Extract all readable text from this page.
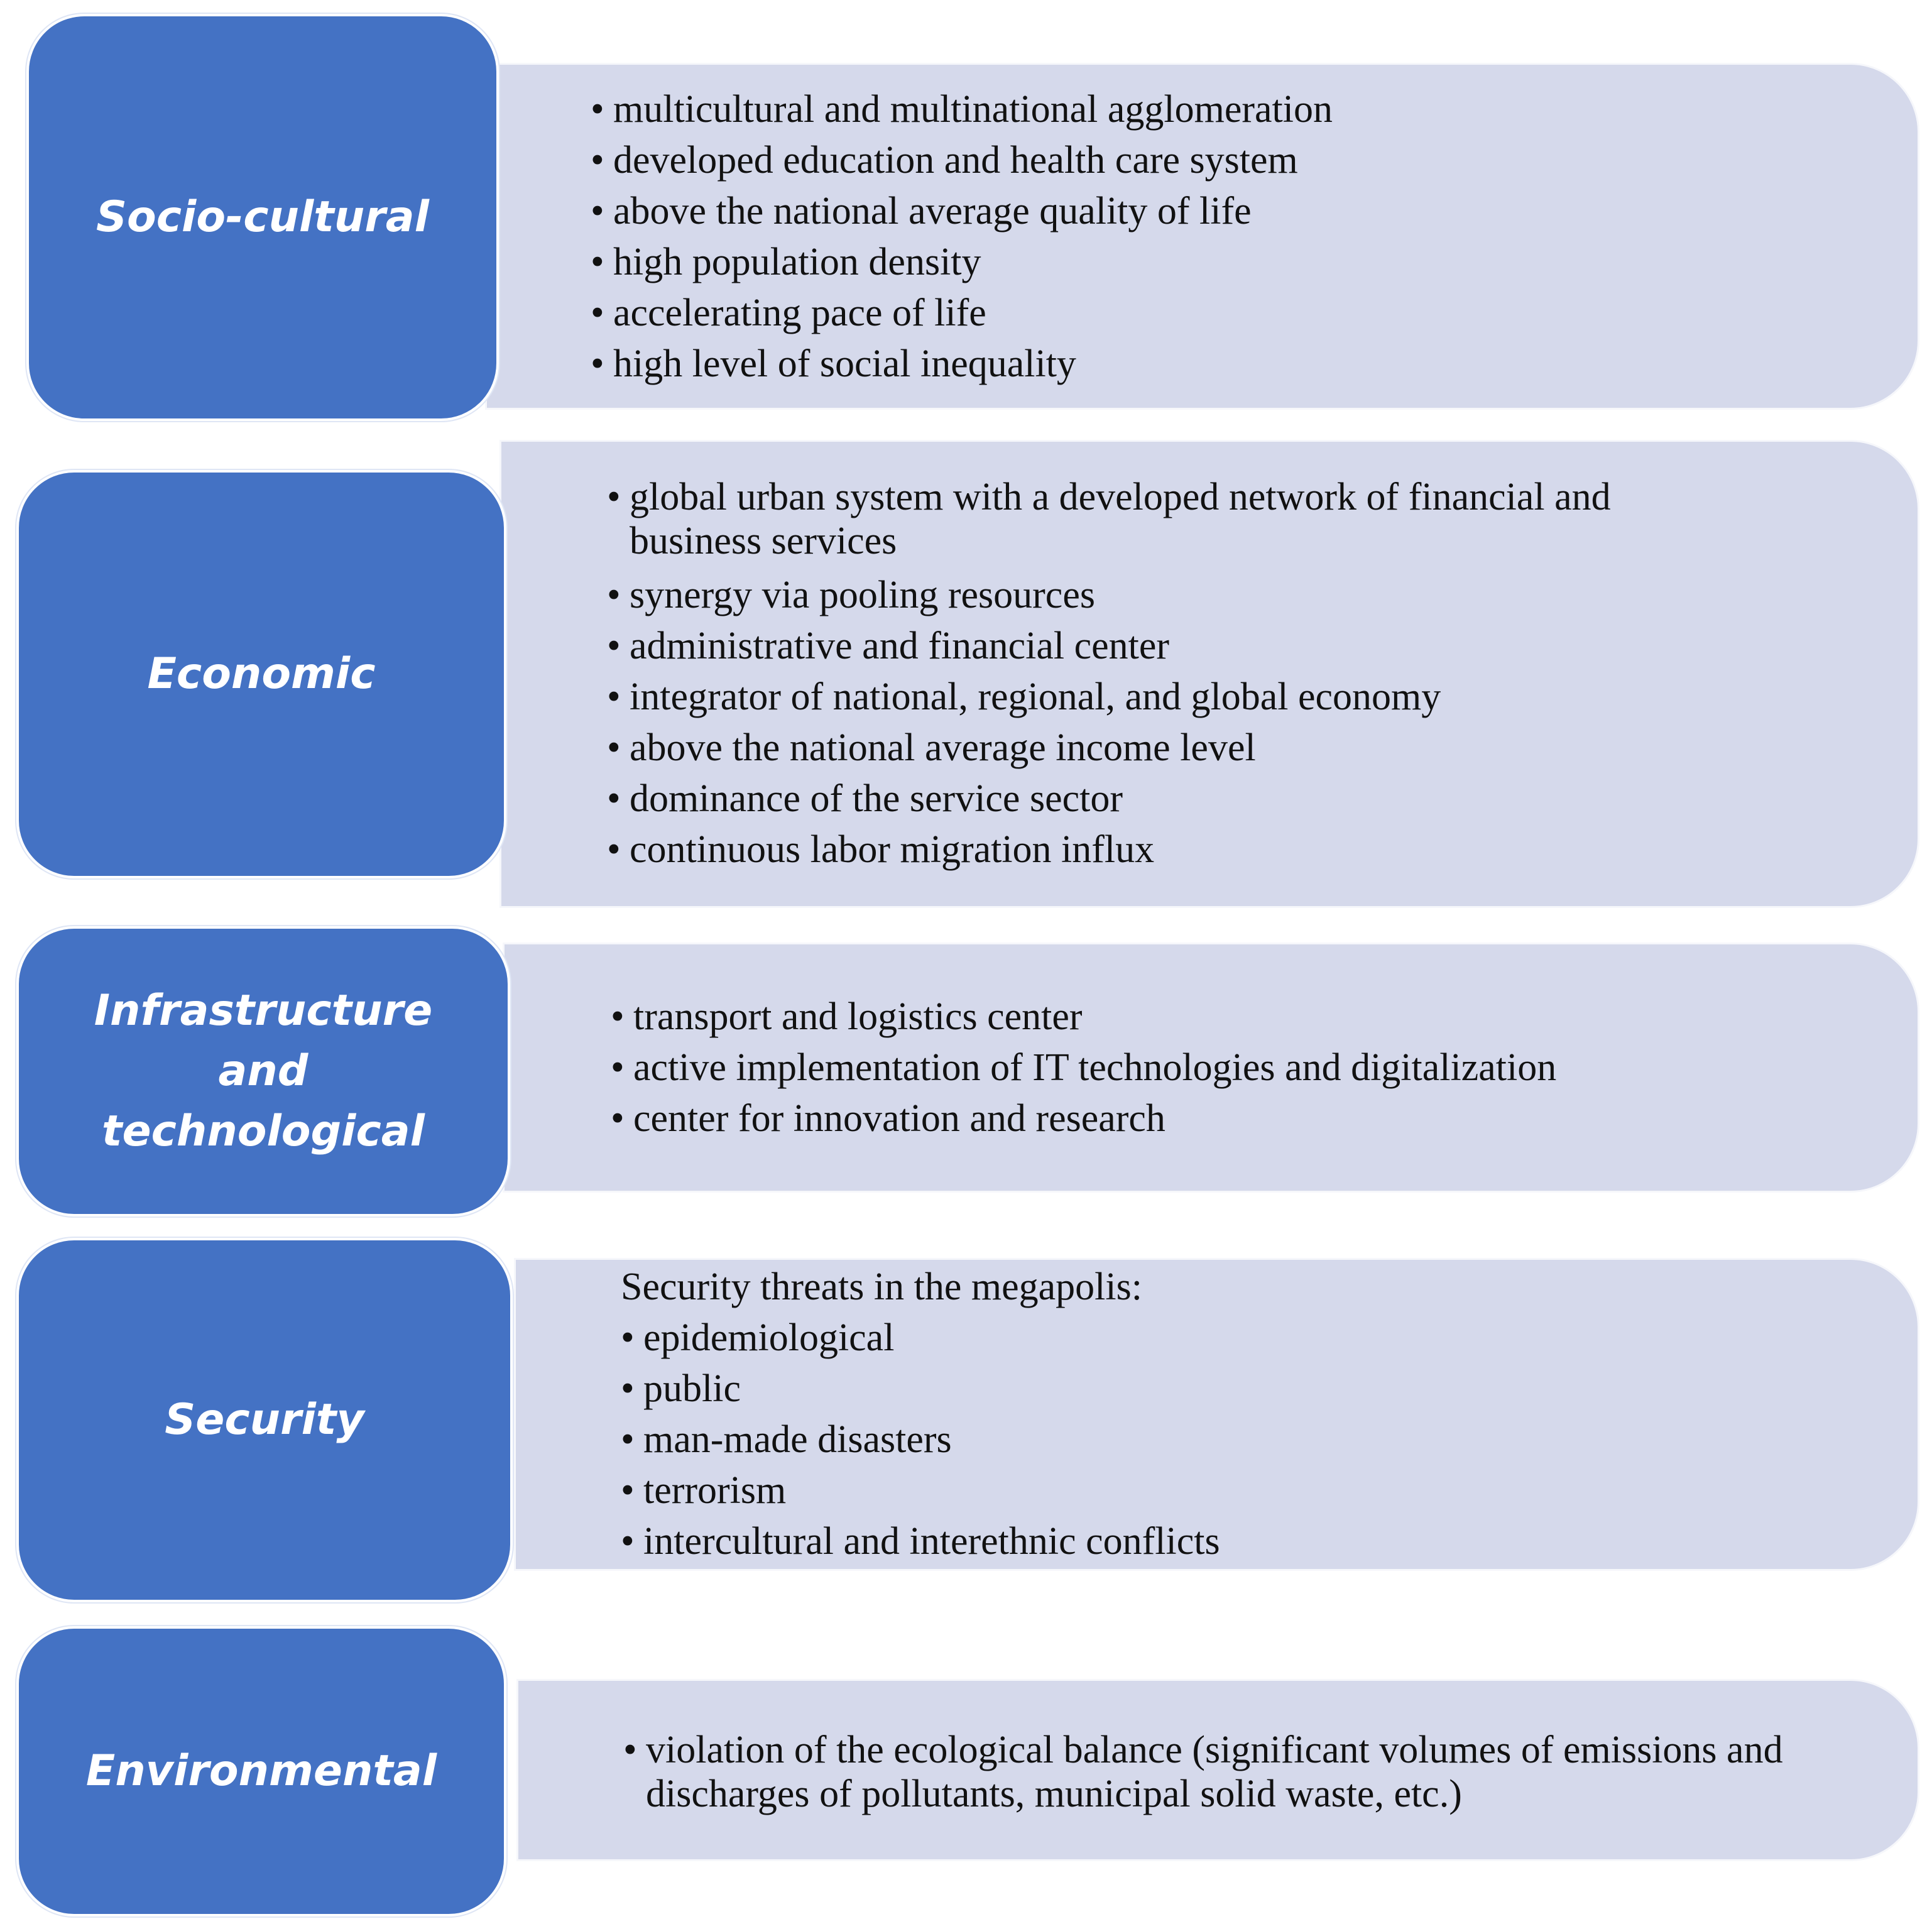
Socio-cultural
• multicultural and multinational agglomeration
• developed education and health care system
• above the national average quality of life
• high population density
• accelerating pace of life
• high level of social inequality
Economic
• global urban system with a developed network of financial and business services
• synergy via pooling resources
• administrative and financial center
• integrator of national, regional, and global economy
• above the national average income level
• dominance of the service sector
• continuous labor migration influx
Infrastructure
and
technological
• transport and logistics center
• active implementation of IT technologies and digitalization
• center for innovation and research
Security
Security threats in the megapolis:
• epidemiological
• public
• man-made disasters
• terrorism
• intercultural and interethnic conflicts
Environmental	• violation of the ecological balance (significant volumes of emissions and discharges of pollutants, municipal solid waste, etc.)
